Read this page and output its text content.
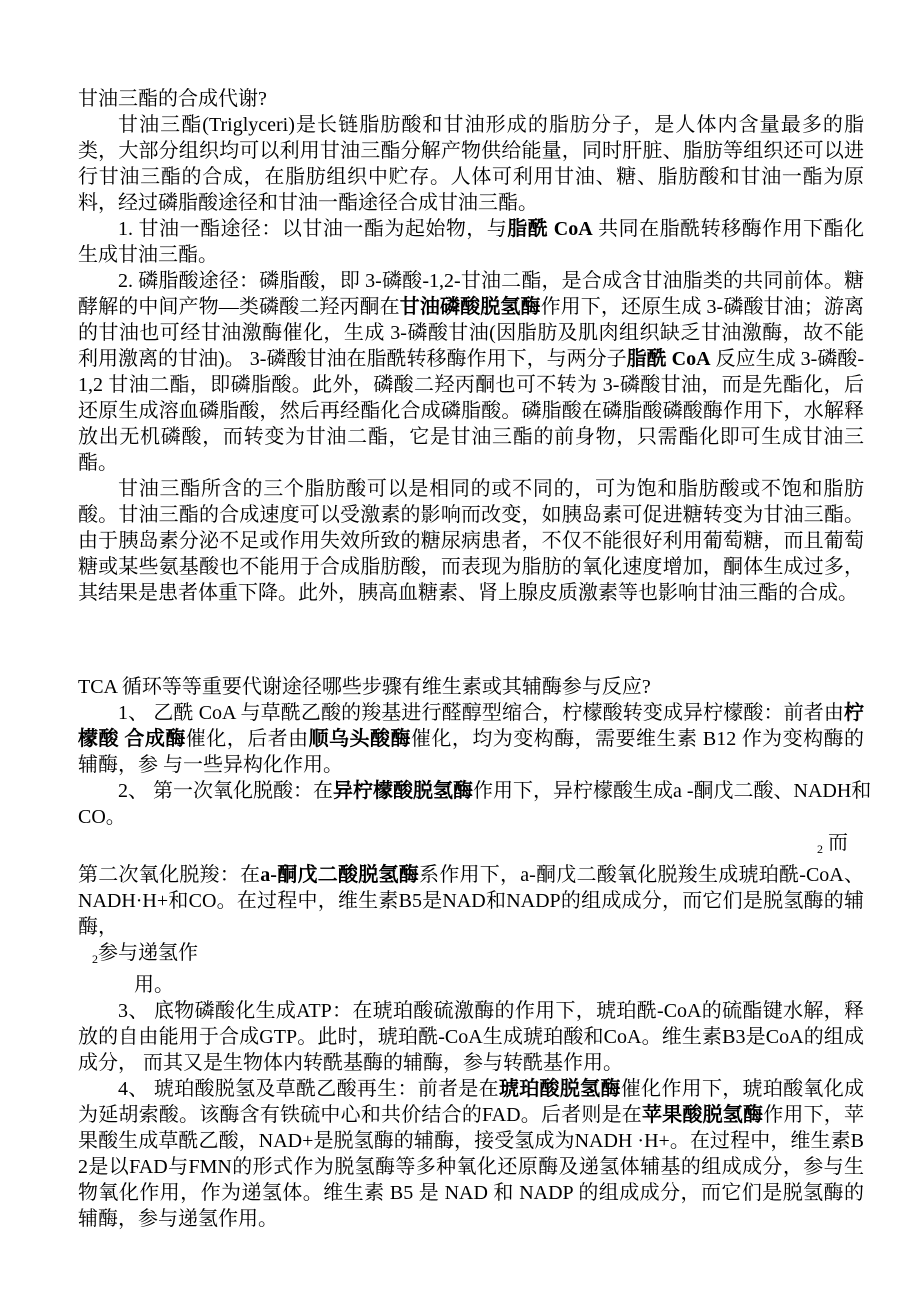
甘油三酯的合成代谢?

甘油三酯(Triglyceri)是长链脂肪酸和甘油形成的脂肪分子，是人体内含量最多的脂类，大部分组织均可以利用甘油三酯分解产物供给能量，同时肝脏、脂肪等组织还可以进行甘油三酯的合成，在脂肪组织中贮存。人体可利用甘油、糖、脂肪酸和甘油一酯为原料，经过磷脂酸途径和甘油一酯途径合成甘油三酯。

1. 甘油一酯途径：以甘油一酯为起始物，与脂酰 CoA 共同在脂酰转移酶作用下酯化生成甘油三酯。

2. 磷脂酸途径：磷脂酸，即 3-磷酸-1,2-甘油二酯，是合成含甘油脂类的共同前体。糖酵解的中间产物—类磷酸二羟丙酮在甘油磷酸脱氢酶作用下，还原生成 3-磷酸甘油；游离的甘油也可经甘油激酶催化，生成 3-磷酸甘油(因脂肪及肌肉组织缺乏甘油激酶，故不能利用激离的甘油)。 3-磷酸甘油在脂酰转移酶作用下，与两分子脂酰 CoA 反应生成 3-磷酸-1,2 甘油二酯，即磷脂酸。此外，磷酸二羟丙酮也可不转为 3-磷酸甘油，而是先酯化，后还原生成溶血磷脂酸，然后再经酯化合成磷脂酸。磷脂酸在磷脂酸磷酸酶作用下，水解释放出无机磷酸，而转变为甘油二酯，它是甘油三酯的前身物，只需酯化即可生成甘油三酯。

甘油三酯所含的三个脂肪酸可以是相同的或不同的，可为饱和脂肪酸或不饱和脂肪酸。甘油三酯的合成速度可以受激素的影响而改变，如胰岛素可促进糖转变为甘油三酯。由于胰岛素分泌不足或作用失效所致的糖尿病患者，不仅不能很好利用葡萄糖，而且葡萄糖或某些氨基酸也不能用于合成脂肪酸，而表现为脂肪的氧化速度增加，酮体生成过多，其结果是患者体重下降。此外，胰高血糖素、肾上腺皮质激素等也影响甘油三酯的合成。

TCA 循环等等重要代谢途径哪些步骤有维生素或其辅酶参与反应?

1、 乙酰 CoA 与草酰乙酸的羧基进行醛醇型缩合，柠檬酸转变成异柠檬酸：前者由柠檬酸 合成酶催化，后者由顺乌头酸酶催化，均为变构酶，需要维生素 B12 作为变构酶的辅酶，参 与一些异构化作用。

2、 第一次氧化脱酸：在异柠檬酸脱氢酶作用下，异柠檬酸生成a -酮戊二酸、NADH和

CO。

$_2$ 而

第二次氧化脱羧：在a-酮戊二酸脱氢酶系作用下，a-酮戊二酸氧化脱羧生成琥珀酰-CoA、NADH·H+和CO。在过程中，维生素B5是NAD和NADP的组成成分，而它们是脱氢酶的辅酶，

$_2$参与递氢作

用。

3、 底物磷酸化生成ATP：在琥珀酸硫激酶的作用下，琥珀酰-CoA的硫酯键水解，释放的自由能用于合成GTP。此时，琥珀酰-CoA生成琥珀酸和CoA。维生素B3是CoA的组成成分， 而其又是生物体内转酰基酶的辅酶，参与转酰基作用。

4、 琥珀酸脱氢及草酰乙酸再生：前者是在琥珀酸脱氢酶催化作用下，琥珀酸氧化成为延胡索酸。该酶含有铁硫中心和共价结合的FAD。后者则是在苹果酸脱氢酶作用下，苹果酸生成草酰乙酸，NAD+是脱氢酶的辅酶，接受氢成为NADH ·H+。在过程中，维生素B2是以FAD与FMN的形式作为脱氢酶等多种氧化还原酶及递氢体辅基的组成成分，参与生物氧化作用，作为递氢体。维生素 B5 是 NAD 和 NADP 的组成成分，而它们是脱氢酶的辅酶，参与递氢作用。
